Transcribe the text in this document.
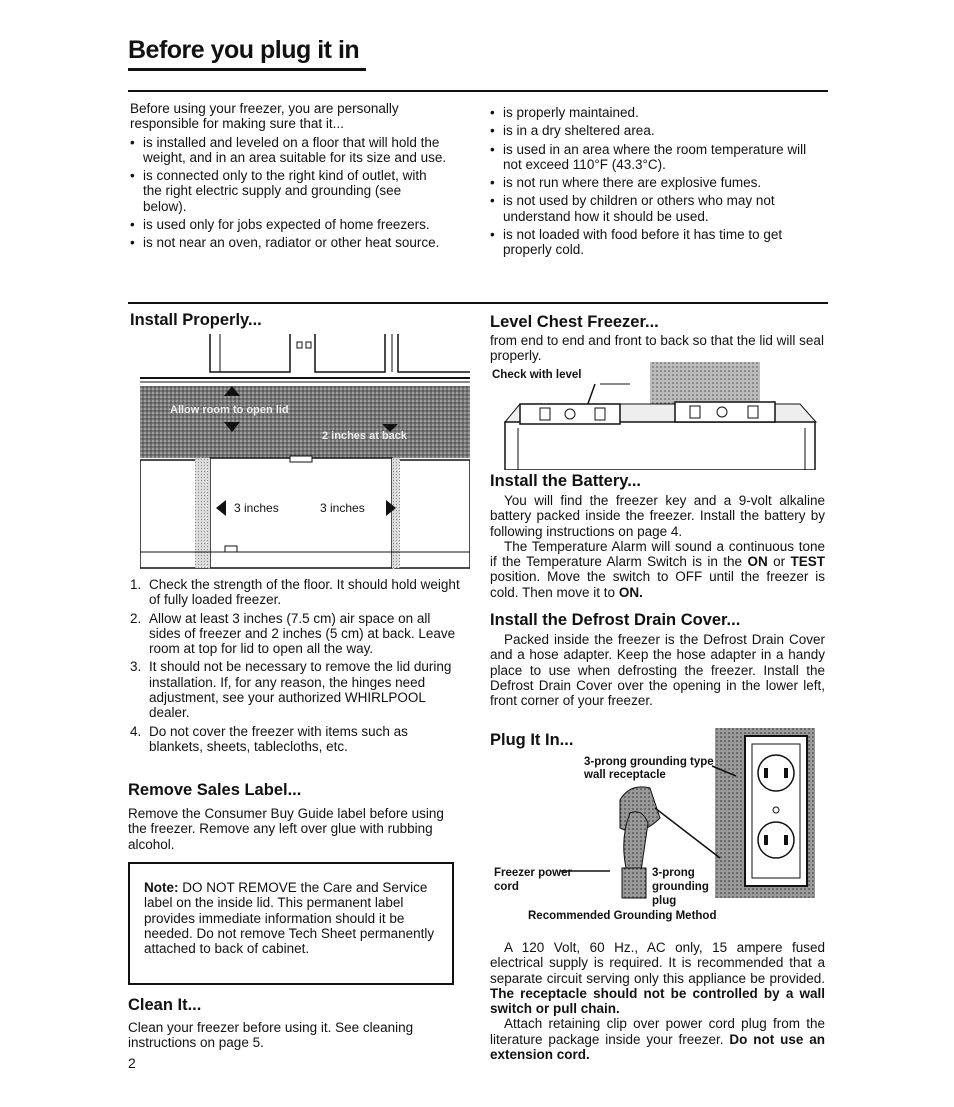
Before you plug it in
Before using your freezer, you are personally responsible for making sure that it...
• is installed and leveled on a floor that will hold the weight, and in an area suitable for its size and use.
• is connected only to the right kind of outlet, with the right electric supply and grounding (see below).
• is used only for jobs expected of home freezers.
• is not near an oven, radiator or other heat source.
• is properly maintained.
• is in a dry sheltered area.
• is used in an area where the room temperature will not exceed 110°F (43.3°C).
• is not run where there are explosive fumes.
• is not used by children or others who may not understand how it should be used.
• is not loaded with food before it has time to get properly cold.
Install Properly...
Allow room to open lid
2 inches at back
3 inches	3 inches
1. Check the strength of the floor. It should hold weight of fully loaded freezer.
2. Allow at least 3 inches (7.5 cm) air space on all sides of freezer and 2 inches (5 cm) at back. Leave room at top for lid to open all the way.
3. It should not be necessary to remove the lid during installation. If, for any reason, the hinges need adjustment, see your authorized WHIRLPOOL dealer.
4. Do not cover the freezer with items such as blankets, sheets, tablecloths, etc.
Remove Sales Label...
Remove the Consumer Buy Guide label before using the freezer. Remove any left over glue with rubbing alcohol.
Note: DO NOT REMOVE the Care and Service label on the inside lid. This permanent label provides immediate information should it be needed. Do not remove Tech Sheet permanently attached to back of cabinet.
Clean It...
Clean your freezer before using it. See cleaning instructions on page 5.
2
Level Chest Freezer...
from end to end and front to back so that the lid will seal properly.
Check with level
Install the Battery...
You will find the freezer key and a 9-volt alkaline battery packed inside the freezer. Install the battery by following instructions on page 4.
The Temperature Alarm will sound a continuous tone if the Temperature Alarm Switch is in the ON or TEST position. Move the switch to OFF until the freezer is cold. Then move it to ON.
Install the Defrost Drain Cover...
Packed inside the freezer is the Defrost Drain Cover and a hose adapter. Keep the hose adapter in a handy place to use when defrosting the freezer. Install the Defrost Drain Cover over the opening in the lower left, front corner of your freezer.
Plug It In...
3-prong grounding type wall receptacle
Freezer power cord
3-prong grounding plug
Recommended Grounding Method
A 120 Volt, 60 Hz., AC only, 15 ampere fused electrical supply is required. It is recommended that a separate circuit serving only this appliance be provided. The receptacle should not be controlled by a wall switch or pull chain.
Attach retaining clip over power cord plug from the literature package inside your freezer. Do not use an extension cord.
